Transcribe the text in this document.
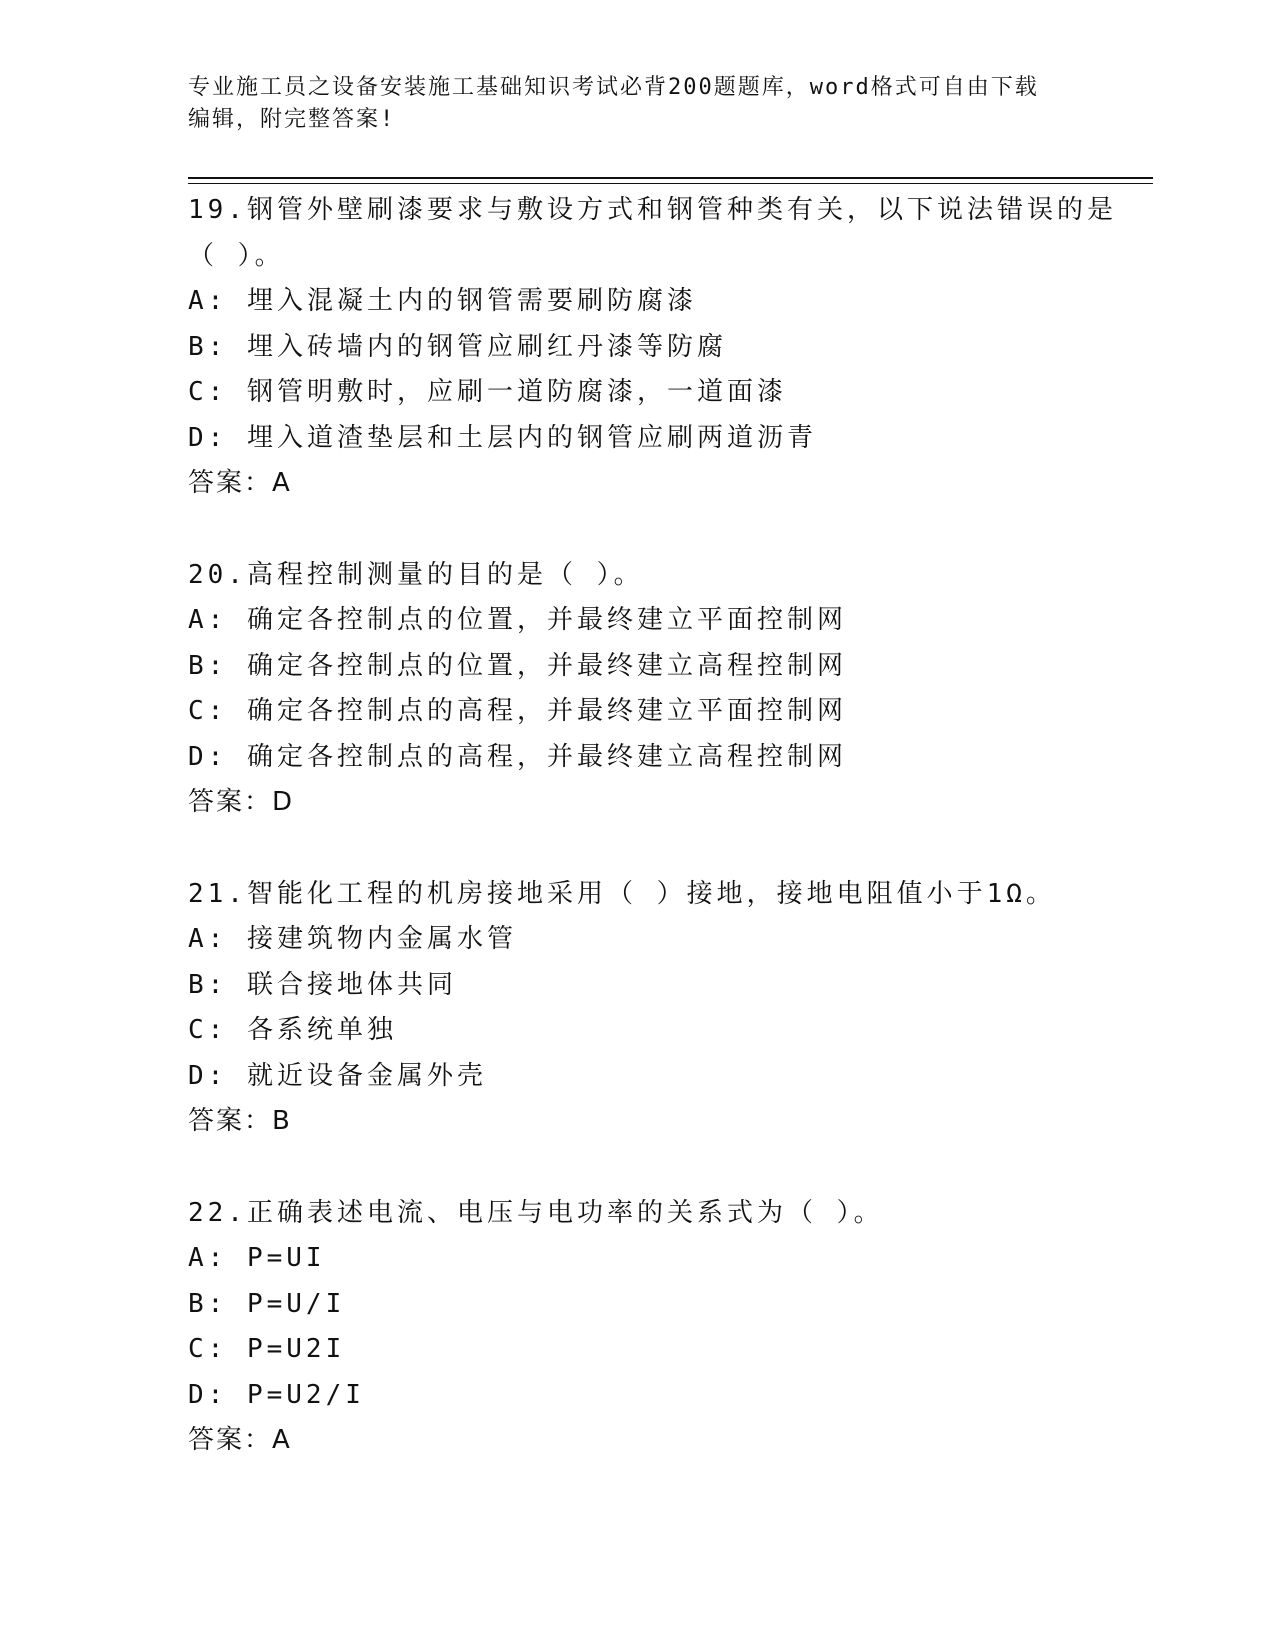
专业施工员之设备安装施工基础知识考试必背200题题库，word格式可自由下载
编辑，附完整答案!
19.钢管外壁刷漆要求与敷设方式和钢管种类有关，以下说法错误的是
（ ）。
A: 埋入混凝土内的钢管需要刷防腐漆
B: 埋入砖墙内的钢管应刷红丹漆等防腐
C: 钢管明敷时，应刷一道防腐漆，一道面漆
D: 埋入道渣垫层和土层内的钢管应刷两道沥青
答案：A
20.高程控制测量的目的是（ ）。
A: 确定各控制点的位置，并最终建立平面控制网
B: 确定各控制点的位置，并最终建立高程控制网
C: 确定各控制点的高程，并最终建立平面控制网
D: 确定各控制点的高程，并最终建立高程控制网
答案：D
21.智能化工程的机房接地采用（ ）接地，接地电阻值小于1Ω。
A: 接建筑物内金属水管
B: 联合接地体共同
C: 各系统单独
D: 就近设备金属外壳
答案：B
22.正确表述电流、电压与电功率的关系式为（ ）。
A: P=UI
B: P=U/I
C: P=U2I
D: P=U2/I
答案：A
